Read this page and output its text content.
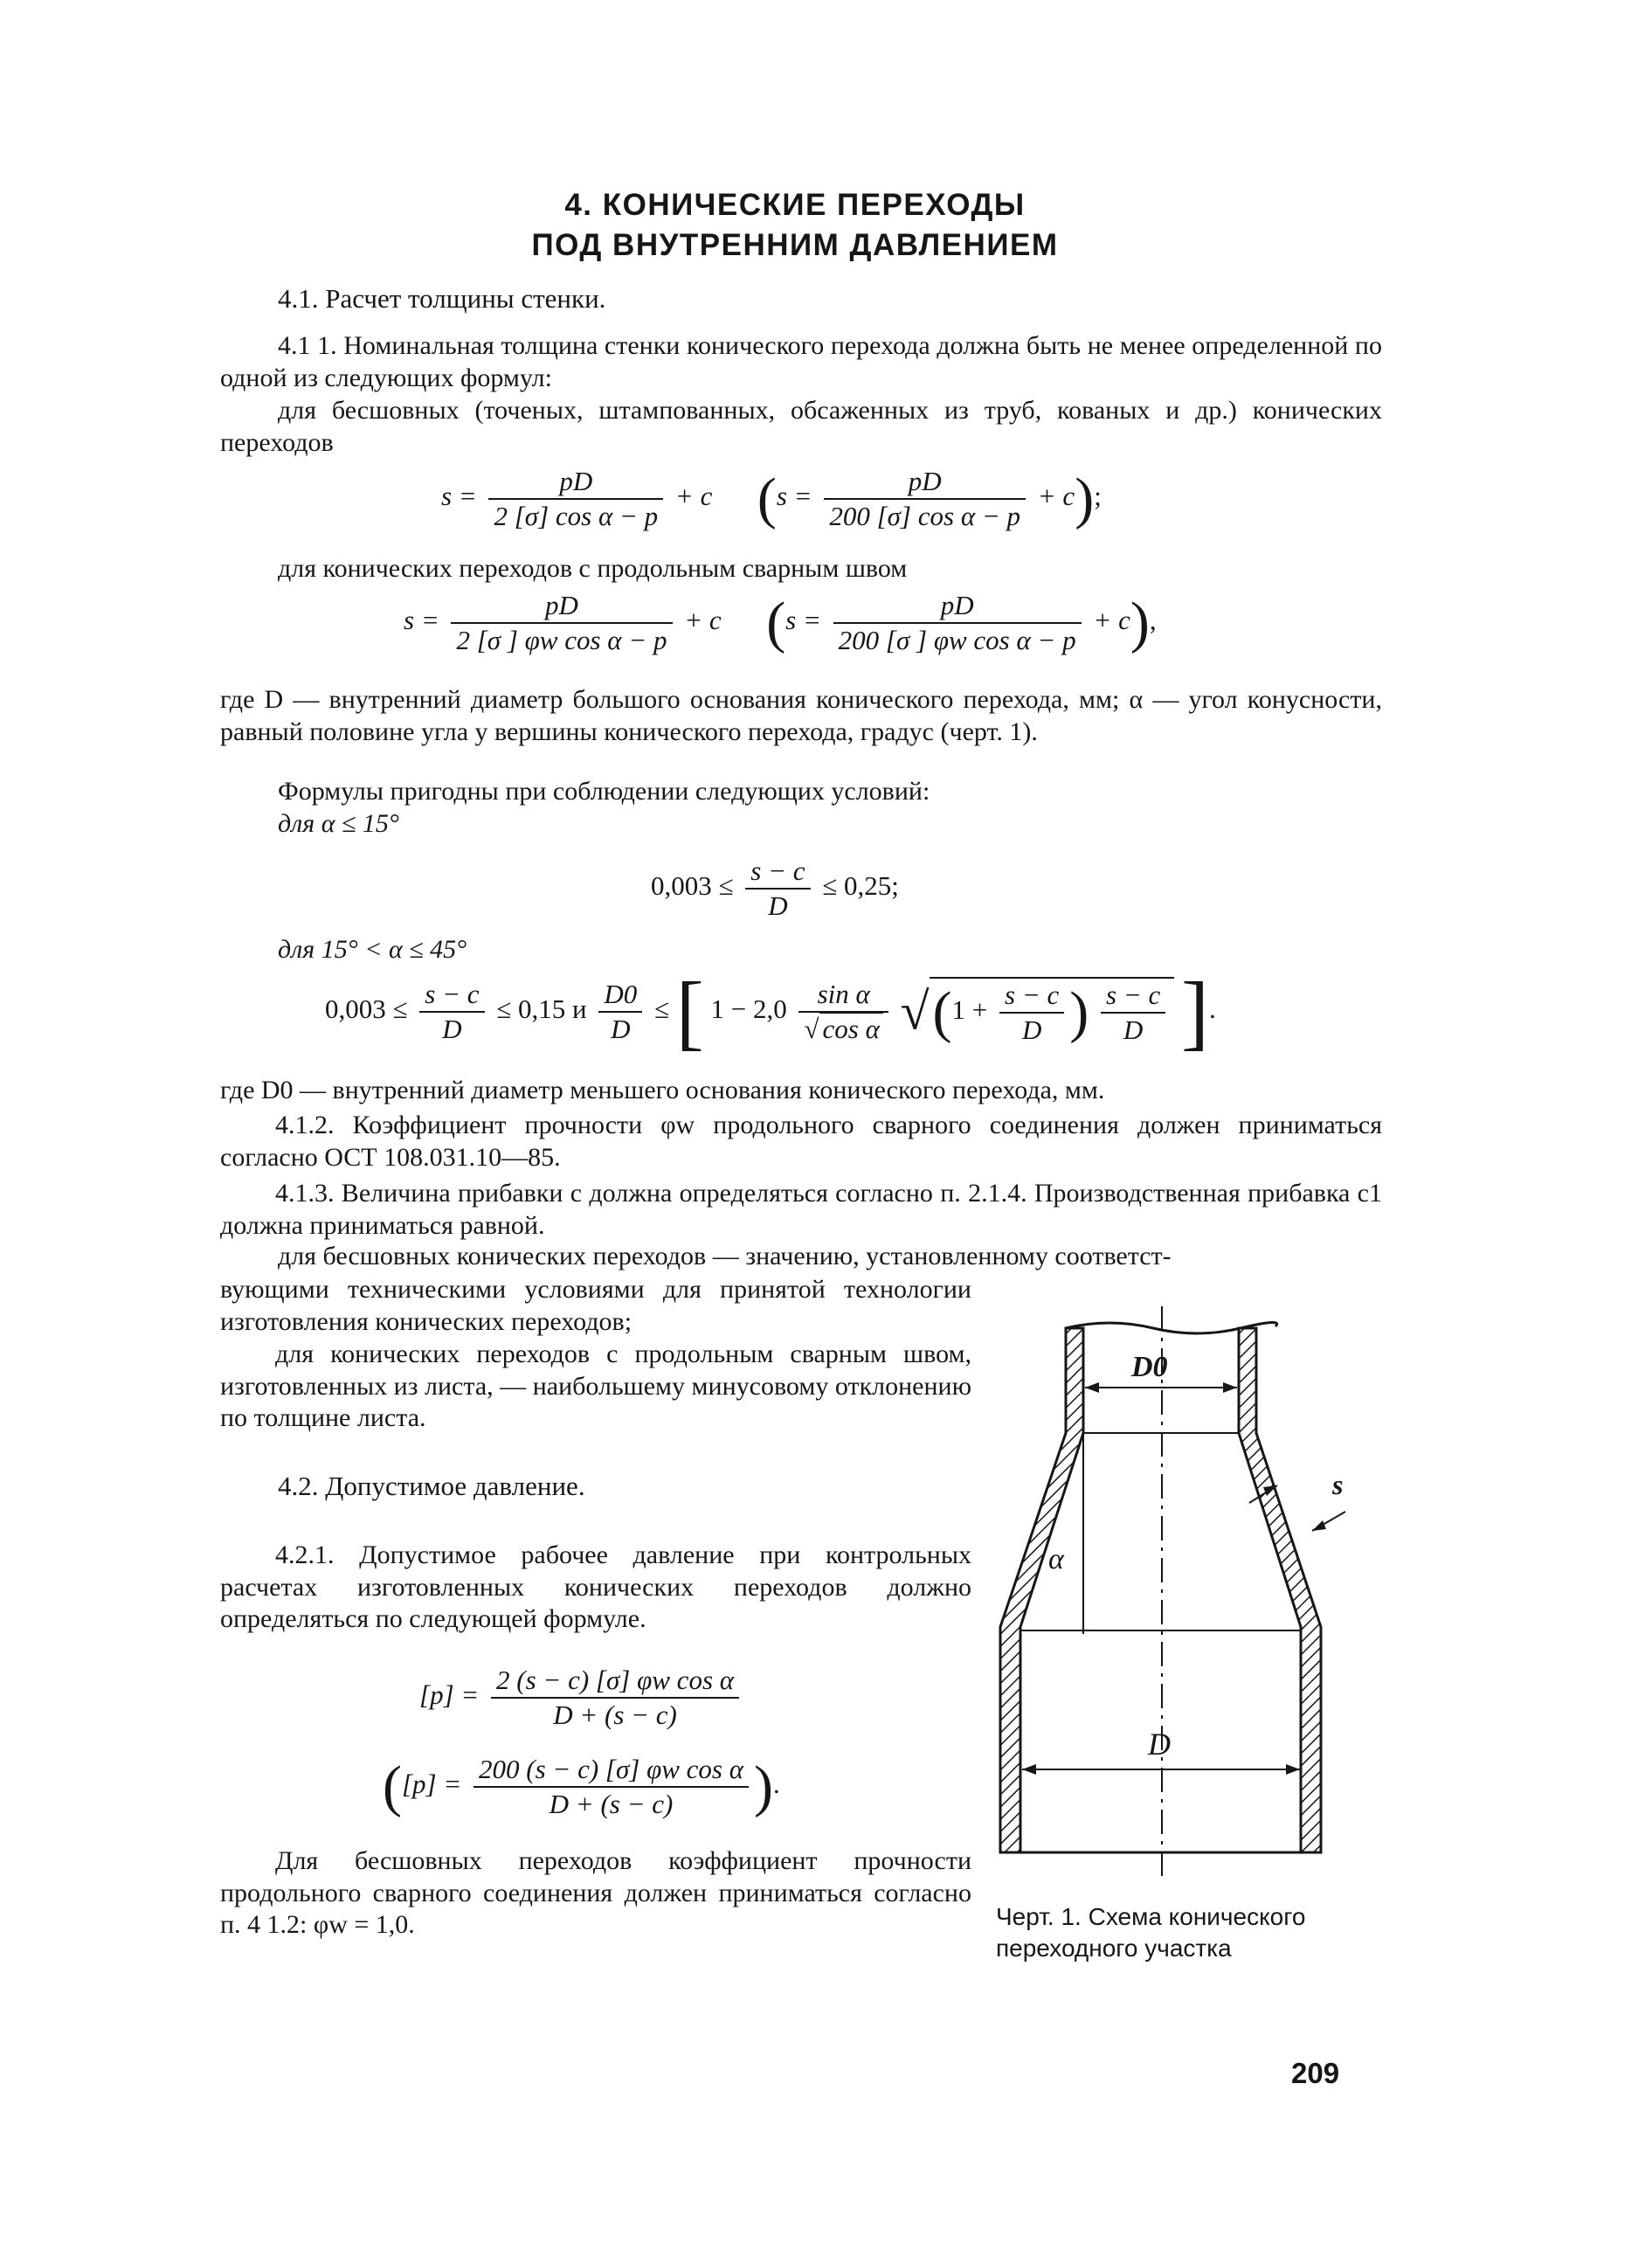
4. КОНИЧЕСКИЕ ПЕРЕХОДЫ
ПОД ВНУТРЕННИМ ДАВЛЕНИЕМ
4.1. Расчет толщины стенки.
4.1 1. Номинальная толщина стенки конического перехода должна быть не менее определенной по одной из следующих формул:
для бесшовных (точеных, штампованных, обсаженных из труб, кованых и др.) конических переходов
$s = \frac{pD}{\text{2 [σ] cos α − p}} + c$ $(s = \frac{pD}{\text{200 [σ] cos α − p}} + c)$;
для конических переходов с продольным сварным швом
$s = \frac{pD}{\text{2 [σ ] φw cos α − p}} + c$ $(s = \frac{pD}{\text{200 [σ ] φw cos α − p}} + c)$,
где D — внутренний диаметр большого основания конического перехода, мм; α — угол конусности, равный половине угла у вершины конического перехода, градус (черт. 1).
Формулы пригодны при соблюдении следующих условий:
для α ≤ 15°
$0,003 \le \frac{s - c}{D} \le 0,25$;
для 15° < α ≤ 45°
$0,003 \le \frac{s - c}{D} \le 0,15$ и $\frac{D0}{D}$ ≤ [ $1 - 2,0 \frac{\text{sin α}}{\text{√ cos α}} √(1 + \frac{s - c}{D}$ ) $\frac{s - c}{D}$ ].
где D0 — внутренний диаметр меньшего основания конического перехода, мм.
4.1.2. Коэффициент прочности φw продольного сварного соединения должен приниматься согласно ОСТ 108.031.10—85.
4.1.3. Величина прибавки c должна определяться согласно п. 2.1.4. Производственная прибавка c1 должна приниматься равной.
для бесшовных конических переходов — значению, установленному соответст-
вующими техническими условиями для принятой технологии изготовления конических переходов;
для конических переходов с продольным сварным швом, изготовленных из листа, — наибольшему минусовому отклонению по толщине листа.
4.2. Допустимое давление.
4.2.1. Допустимое рабочее давление при контрольных расчетах изготовленных конических переходов должно определяться по следующей формуле.
$[p] = \frac{\text{2 (s − c) [σ] φw cos α}}{D + (s - c)}$
($[p] = \frac{\text{200 (s − c) [σ] φw cos α}}{D + (s - c)}$ ).
Для бесшовных переходов коэффициент прочности продольного сварного соединения должен приниматься согласно п. 4 1.2: φw = 1,0.
D0
α
s
D
Черт. 1. Схема конического
переходного участка
209
